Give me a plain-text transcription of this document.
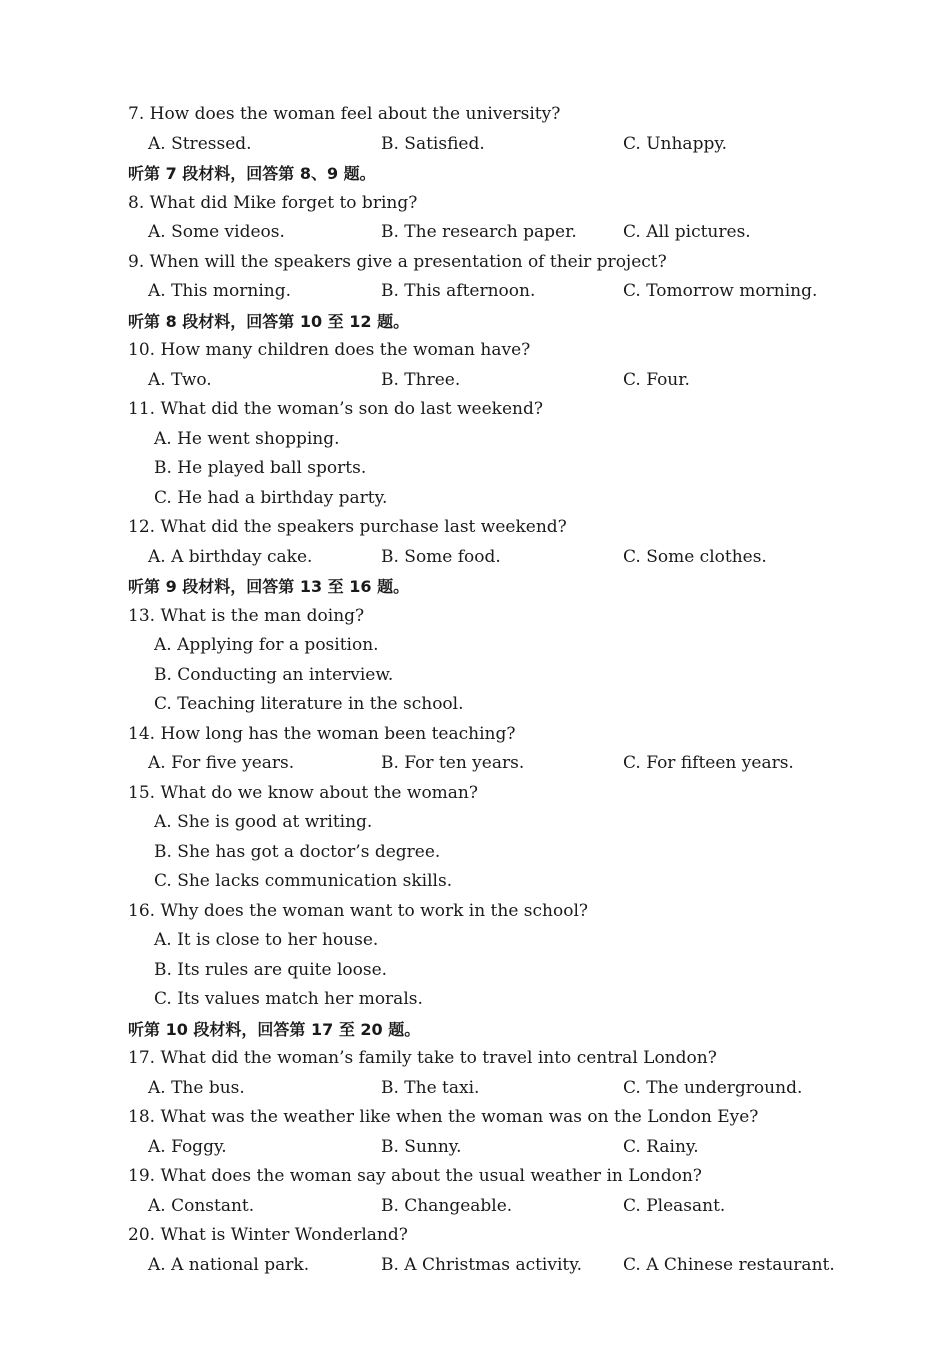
7. How does the woman feel about the university?
A. Stressed.	B. Satisfied.	C. Unhappy.
听第 7 段材料，回答第 8、9 题。
8. What did Mike forget to bring?
A. Some videos.	B. The research paper.	C. All pictures.
9. When will the speakers give a presentation of their project?
A. This morning.	B. This afternoon.	C. Tomorrow morning.
听第 8 段材料，回答第 10 至 12 题。
10. How many children does the woman have?
A. Two.	B. Three.	C. Four.
11. What did the woman’s son do last weekend?
A. He went shopping.
B. He played ball sports.
C. He had a birthday party.
12. What did the speakers purchase last weekend?
A. A birthday cake.	B. Some food.	C. Some clothes.
听第 9 段材料，回答第 13 至 16 题。
13. What is the man doing?
A. Applying for a position.
B. Conducting an interview.
C. Teaching literature in the school.
14. How long has the woman been teaching?
A. For five years.	B. For ten years.	C. For fifteen years.
15. What do we know about the woman?
A. She is good at writing.
B. She has got a doctor’s degree.
C. She lacks communication skills.
16. Why does the woman want to work in the school?
A. It is close to her house.
B. Its rules are quite loose.
C. Its values match her morals.
听第 10 段材料，回答第 17 至 20 题。
17. What did the woman’s family take to travel into central London?
A. The bus.	B. The taxi.	C. The underground.
18. What was the weather like when the woman was on the London Eye?
A. Foggy.	B. Sunny.	C. Rainy.
19. What does the woman say about the usual weather in London?
A. Constant.	B. Changeable.	C. Pleasant.
20. What is Winter Wonderland?
A. A national park.	B. A Christmas activity. C. A Chinese restaurant.
